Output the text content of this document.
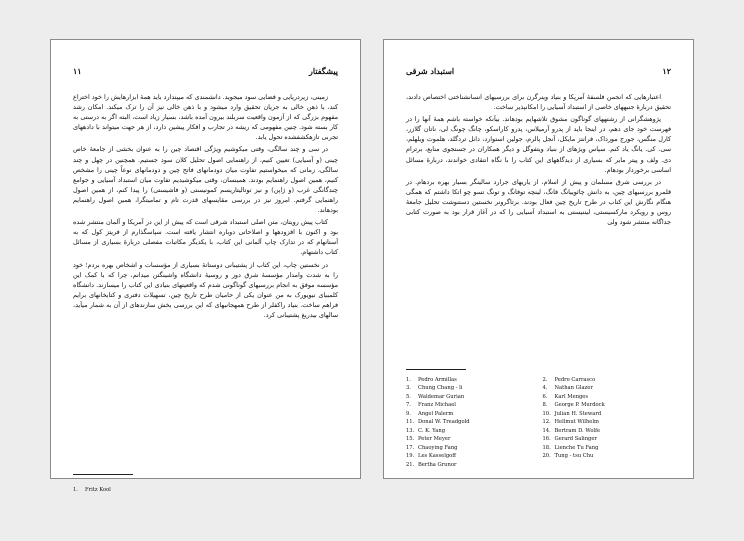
۱۱	پیشگفتار

زمینی، زیردریایی و فضایی سود میجوید. دانشمندی که میپندارد باید همهٔ ابزارهایش را خود اختراع کند، با ذهن خالی به جریان تحقیق وارد میشود و با ذهن خالی نیز آن را ترک میکند. امکان رشد مفهوم بزرگی که از آزمون واقعیت سربلند بیرون آمده باشد، بسیار زیاد است، البته اگر به درستی به کار بسته شود. چنین مفهومی که ریشه در تجارب و افکار پیشین دارد، از هر جهت میتواند با دادههای تجربی تازهکشفشده تحول یابد.

در سی و چند سالگی، وقتی میکوشیم ویژگی اقتصاد چین را به عنوان بخشی از جامعهٔ خاص چینی (و آسیایی) تعیین کنیم، از راهنمایی اصول تحلیل کلان سود جستیم. همچنین در چهل و چند سالگی، زمانی که میخواستیم تفاوت میان دودمانهای فاتح چین و دودمانهای نوعاً چینی را مشخص کنیم، همین اصول راهنمایم بودند. همینسان، وقتی میکوشیدیم تفاوت میان استبداد آسیایی و جوامع چندگانگی غرب (و ژاپن) و نیز توتالیتاریسم کمونیستی (و فاشیستی) را پیدا کنم، از همین اصول راهنمایی گرفتم. امروز نیز در بررسی مقایسهای قدرت تام و تمامیتگرا، همین اصول راهنمایم بودهاند.

کتاب پیش رویتان، متن اصلی استبداد شرقی است که پیش از این در آمریکا و آلمان منتشر شده بود و اکنون با افزودهها و اصلاحاتی دوباره انتشار یافته است. سپاسگذارم از فریتز کول که به آستانهام که در تدارک چاپ آلمانی این کتاب، با یکدیگر مکاتبات مفصلی دربارهٔ بسیاری از مسائل کتاب داشتهام.

در نخستین چاپ، این کتاب از پشتیبانی دوستانهٔ بسیاری از مؤسسات و اشخاص بهره بردم؛ خود را به شدت وامدار مؤسسهٔ شرق دور و روسیهٔ دانشگاه واشینگتن میدانم، چرا که با کمک این مؤسسه موفق به انجام بررسیهای گوناگونی شدم که واقعیتهای بنیادی این کتاب را میسازند. دانشگاه کلمبیای نیویورک به من عنوان یکی از حامیان طرح تاریخ چین، تسهیلات دفتری و کتابخانهای برایم فراهم ساخت. بنیاد راکفلر از طرح همهجانبهای که این بررسی بخش سازندهای از آن به شمار میآید، سالهای بیدریغ پشتیبانی کرد.

1. Fritz Kool
استبداد شرقی	۱۲

اعتبارهایی که انجمن فلسفهٔ آمریکا و بنیاد وینرگرن برای بررسیهای انسانشناختی اختصاص دادند، تحقیق دربارهٔ جنبههای خاصی از استبداد آسیایی را امکانپذیر ساخت.

پژوهشگرانی از رشتههای گوناگون مشوق تلاشهایم بودهاند. بیآنکه خواسته باشم همهٔ آنها را در فهرست خود جای دهم، در اینجا باید از پدرو آرمیلاس، پدرو کاراسکو، چانگ چونگ لی، ناتان گلازر، کارل منگس، جورج مورداک، فرانتز مایکل، آنجل پالرم، جولین استوارد، دانل تردگلد، هلموت ویلهلم، سی. کی. یانگ یاد کنم. سپاس ویژهای از بنیاد ویتفوگل و دیگر همکاران در جستجوی منابع، برترام دی. ولف و پیتر مایر که بسیاری از دیدگاههای این کتاب را با نگاه انتقادی خواندند، دربارهٔ مسائل اساسی برخوردار بودهام.

در بررسی شرق مسلمان و پیش از اسلام، از یاریهای جرارد سالینگر بسیار بهره بردهام. در قلمرو بررسیهای چین، به دانش چائوییانگ فانگ، لینچه توفانگ و تونگ تسو چو اتکا داشتم که همگی هنگام نگارش این کتاب در طرح تاریخ چین فعال بودند. برتاگرونر نخستین دستنوشت تحلیل جامعهٔ روس و رویکرد مارکسیستی، لیننیستی به استبداد آسیایی را که در آغاز قرار بود به صورت کتابی جداگانه منتشر شود ولی

1. Pedro Armillas	2. Pedro Carrasco
3. Chung Chang - li	4. Nathan Glazer
5. Waldemar Gurian	6. Karl Menges
7. Franz Michael	8. George P. Murdock
9. Angel Palerm	10. Julian H. Steward
11. Donal W. Treadgold	12. Hellmut Wilhelm
13. C. K. Yang	14. Bertram D. Wolfe
15. Peter Meyer	16. Gerard Salinger
17. Chaoying Fang	18. Lienche Tu Fang
19. Les Kasselgoff	20. Tung - tsu Chu
21. Bertha Grunor
